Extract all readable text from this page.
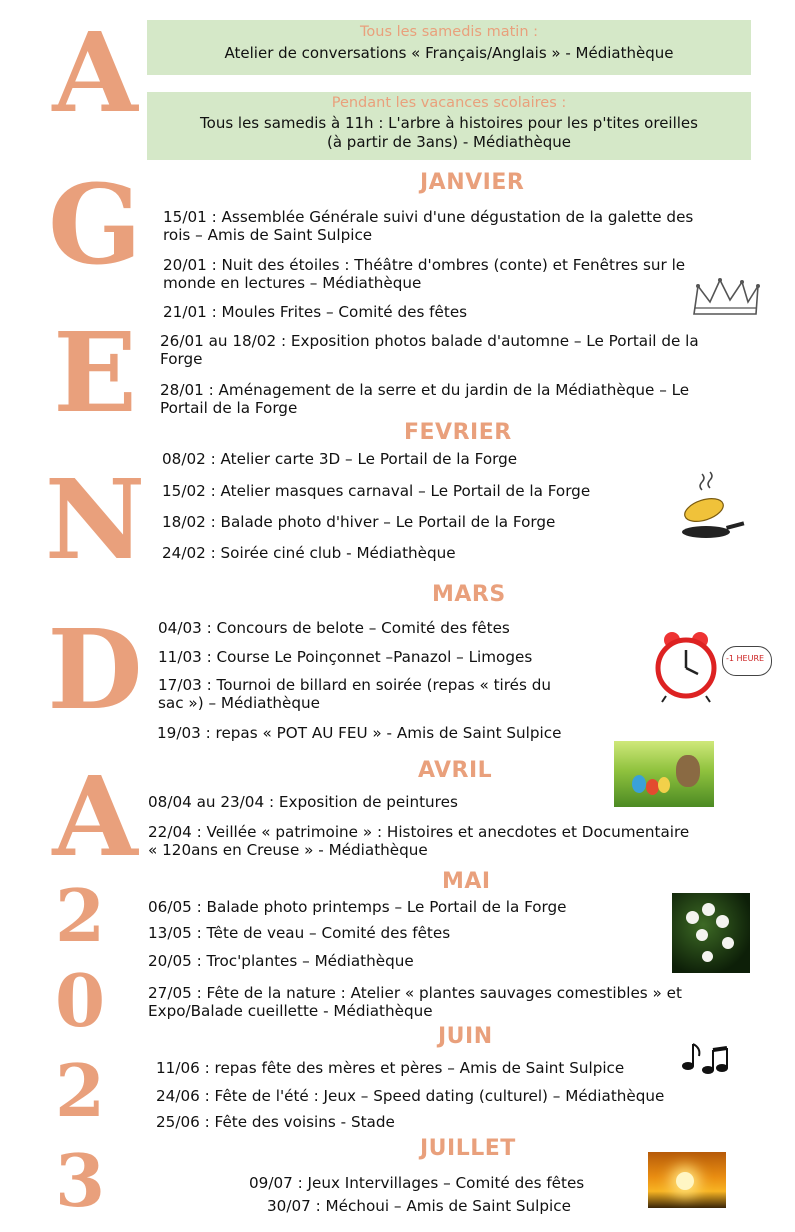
A
G
E
N
D
A
2
0
2
3
Tous les samedis matin :
Atelier de conversations « Français/Anglais » - Médiathèque
Pendant les vacances scolaires :
Tous les samedis à 11h : L'arbre à histoires pour les p'tites oreilles
(à partir de 3ans) - Médiathèque
JANVIER
15/01 : Assemblée Générale suivi d'une dégustation de la galette des
rois – Amis de Saint Sulpice
20/01 : Nuit des étoiles : Théâtre d'ombres (conte) et Fenêtres sur le
monde en lectures – Médiathèque
21/01 : Moules Frites – Comité des fêtes
26/01 au 18/02 : Exposition photos balade d'automne – Le Portail de la
Forge
28/01 : Aménagement de la serre et du jardin de la Médiathèque – Le
Portail de la Forge
FEVRIER
08/02 : Atelier carte 3D – Le Portail de la Forge
15/02 : Atelier masques carnaval – Le Portail de la Forge
18/02 : Balade photo d'hiver – Le Portail de la Forge
24/02 : Soirée ciné club - Médiathèque
MARS
04/03 : Concours de belote – Comité des fêtes
11/03 : Course Le Poinçonnet –Panazol – Limoges
17/03 : Tournoi de billard en soirée (repas « tirés du
sac ») – Médiathèque
19/03 : repas « POT AU FEU » - Amis de Saint Sulpice
-1 HEURE
AVRIL
08/04 au 23/04 : Exposition de peintures
22/04 : Veillée « patrimoine » : Histoires et anecdotes et Documentaire
« 120ans en Creuse » - Médiathèque
MAI
06/05 : Balade photo printemps – Le Portail de la Forge
13/05 : Tête de veau – Comité des fêtes
20/05 : Troc'plantes – Médiathèque
27/05 : Fête de la nature : Atelier « plantes sauvages comestibles » et
Expo/Balade cueillette - Médiathèque
JUIN
11/06 : repas fête des mères et pères – Amis de Saint Sulpice
24/06 : Fête de l'été : Jeux – Speed dating (culturel) – Médiathèque
25/06 : Fête des voisins - Stade
JUILLET
09/07 : Jeux Intervillages – Comité des fêtes
30/07 : Méchoui – Amis de Saint Sulpice
